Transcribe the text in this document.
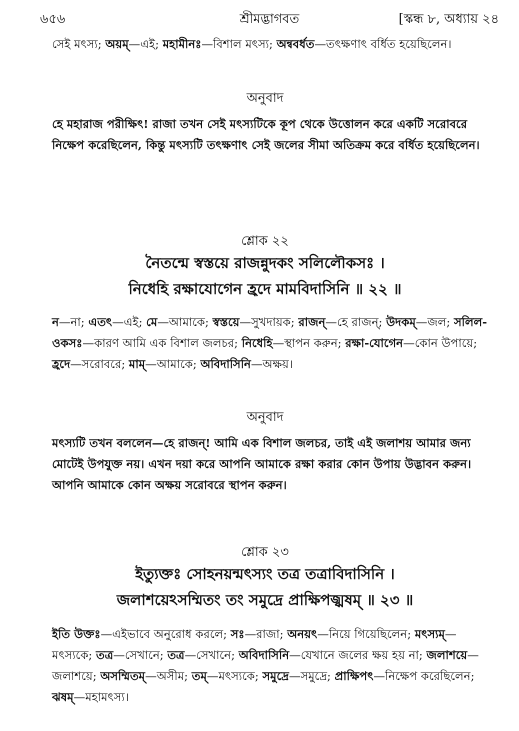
৬৫৬	শ্রীমদ্ভাগবত	[স্কন্ধ ৮, অধ্যায় ২৪
সেই মৎস্য; অয়ম্—এই; মহামীনঃ—বিশাল মৎস্য; অন্ববর্ধত—তৎক্ষণাৎ বর্ধিত হয়েছিলেন।
অনুবাদ
হে মহারাজ পরীক্ষিৎ! রাজা তখন সেই মৎস্যটিকে কূপ থেকে উত্তোলন করে একটি সরোবরে নিক্ষেপ করেছিলেন, কিন্তু মৎস্যটি তৎক্ষণাৎ সেই জলের সীমা অতিক্রম করে বর্ধিত হয়েছিলেন।
শ্লোক ২২
নৈতন্মে স্বস্তয়ে রাজন্নুদকং সলিলৌকসঃ ।
নিধেহি রক্ষাযোগেন হ্রদে মামবিদাসিনি ॥ ২২ ॥
ন—না; এতৎ—এই; মে—আমাকে; স্বস্তয়ে—সুখদায়ক; রাজন্—হে রাজন্; উদকম্—জল; সলিল-ওকসঃ—কারণ আমি এক বিশাল জলচর; নিধেহি—স্থাপন করুন; রক্ষা-যোগেন—কোন উপায়ে; হ্রদে—সরোবরে; মাম্—আমাকে; অবিদাসিনি—অক্ষয়।
অনুবাদ
মৎস্যটি তখন বললেন—হে রাজন্! আমি এক বিশাল জলচর, তাই এই জলাশয় আমার জন্য মোটেই উপযুক্ত নয়। এখন দয়া করে আপনি আমাকে রক্ষা করার কোন উপায় উদ্ভাবন করুন। আপনি আমাকে কোন অক্ষয় সরোবরে স্থাপন করুন।
শ্লোক ২৩
ইত্যুক্তঃ সোহনয়ন্মৎস্যং তত্র তত্রাবিদাসিনি ।
জলাশয়েঽসম্মিতং তং সমুদ্রে প্রাক্ষিপজ্ঝষম্ ॥ ২৩ ॥
ইতি উক্তঃ—এইভাবে অনুরোধ করলে; সঃ—রাজা; অনয়ৎ—নিয়ে গিয়েছিলেন; মৎস্যম্—মৎস্যকে; তত্র—সেখানে; তত্র—সেখানে; অবিদাসিনি—যেখানে জলের ক্ষয় হয় না; জলাশয়ে—জলাশয়ে; অসম্মিতম্—অসীম; তম্—মৎস্যকে; সমুদ্রে—সমুদ্রে; প্রাক্ষিপৎ—নিক্ষেপ করেছিলেন; ঝষম্—মহামৎস্য।
